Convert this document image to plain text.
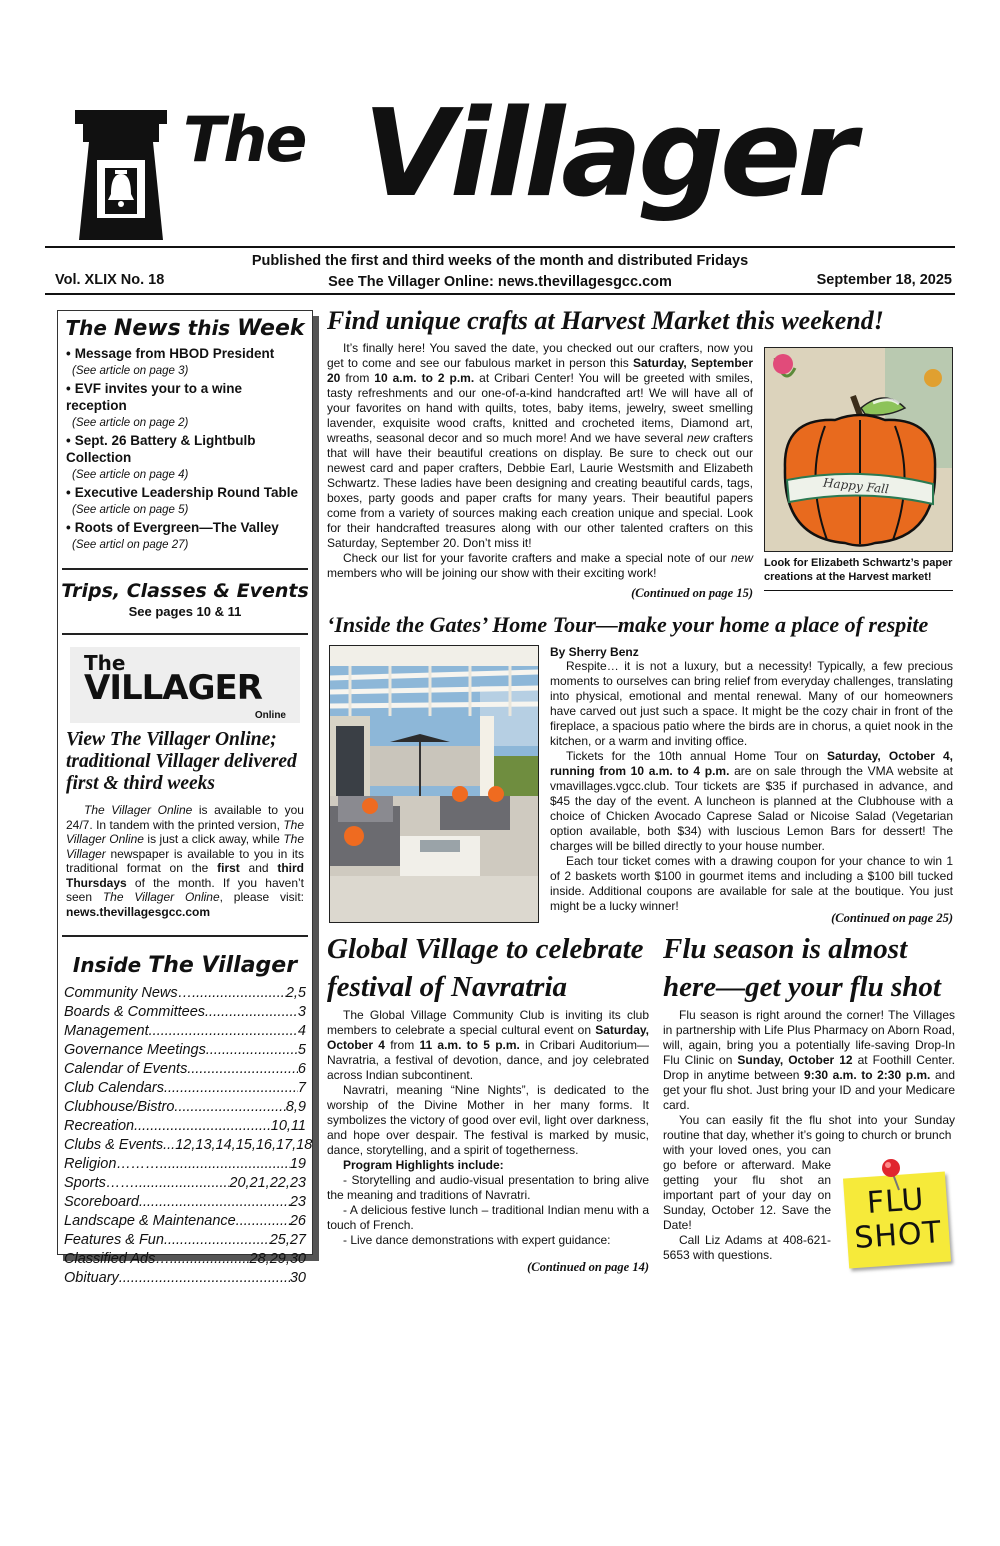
The Villager
Published the first and third weeks of the month and distributed Fridays
Vol. XLIX No. 18	See The Villager Online: news.thevillagesgcc.com	September 18, 2025
The News this Week
• Message from HBOD President
(See article on page 3)
• EVF invites your to a wine reception
(See article on page 2)
• Sept. 26 Battery & Lightbulb Collection
(See article on page 4)
• Executive Leadership Round Table
(See article on page 5)
• Roots of Evergreen—The Valley
(See articl on page 27)
Trips, Classes & Events
See pages 10 & 11
The
VILLAGER
Online
View The Villager Online; traditional Villager delivered first & third weeks
The Villager Online is available to you 24/7. In tandem with the printed version, The Villager Online is just a click away, while The Villager newspaper is available to you in its traditional format on the first and third Thursdays of the month. If you haven’t seen The Villager Online, please visit: news.thevillagesgcc.com
Inside The Villager
Community News…. .....	2,5
Boards & Committees .....	3
Management .....	4
Governance Meetings .....	5
Calendar of Events .....	6
Club Calendars .....	7
Clubhouse/Bistro .....	8,9
Recreation .....	10,11
Clubs & Events... 12,13,14,15,16,17,18
Religion……… .....	19
Sports……. .....	20,21,22,23
Scoreboard .....	23
Landscape & Maintenance .....	26
Features & Fun .....	25,27
Classified Ads… .....	28,29,30
Obituary .....	30
Find unique crafts at Harvest Market this weekend!

It’s finally here! You saved the date, you checked out our crafters, now you get to come and see our fabulous market in person this Saturday, September 20 from 10 a.m. to 2 p.m. at Cribari Center! You will be greeted with smiles, tasty refreshments and our one-of-a-kind handcrafted art! We will have all of your favorites on hand with quilts, totes, baby items, jewelry, sweet smelling lavender, exquisite wood crafts, knitted and crocheted items, Diamond art, wreaths, seasonal decor and so much more! And we have several new crafters that will have their beautiful creations on display. Be sure to check out our newest card and paper crafters, Debbie Earl, Laurie Westsmith and Elizabeth Schwartz. These ladies have been designing and creating beautiful cards, tags, boxes, party goods and paper crafts for many years. Their beautiful papers come from a variety of sources making each creation unique and special. Look for their handcrafted treasures along with our other talented crafters on this Saturday, September 20. Don’t miss it!

Check our list for your favorite crafters and make a special note of our new members who will be joining our show with their exciting work!

(Continued on page 15)
Happy Fall
Look for Elizabeth Schwartz’s paper creations at the Harvest market!
‘Inside the Gates’ Home Tour—make your home a place of respite
By Sherry Benz

Respite… it is not a luxury, but a necessity! Typically, a few precious moments to ourselves can bring relief from everyday challenges, translating into physical, emotional and mental renewal. Many of our homeowners have carved out just such a space. It might be the cozy chair in front of the fireplace, a spacious patio where the birds are in chorus, a quiet nook in the kitchen, or a warm and inviting office.

Tickets for the 10th annual Home Tour on Saturday, October 4, running from 10 a.m. to 4 p.m. are on sale through the VMA website at vmavillages.vgcc.club. Tour tickets are $35 if purchased in advance, and $45 the day of the event. A luncheon is planned at the Clubhouse with a choice of Chicken Avocado Caprese Salad or Nicoise Salad (Vegetarian option available, both $34) with luscious Lemon Bars for dessert! The charges will be billed directly to your house number.

Each tour ticket comes with a drawing coupon for your chance to win 1 of 2 baskets worth $100 in gourmet items and including a $100 bill tucked inside. Additional coupons are available for sale at the boutique. You just might be a lucky winner!

(Continued on page 25)
Global Village to celebrate festival of Navratria

The Global Village Community Club is inviting its club members to celebrate a special cultural event on Saturday, October 4 from 11 a.m. to 5 p.m. in Cribari Auditorium—Navratria, a festival of devotion, dance, and joy celebrated across Indian subcontinent.

Navratri, meaning “Nine Nights”, is dedicated to the worship of the Divine Mother in her many forms. It symbolizes the victory of good over evil, light over darkness, and hope over despair. The festival is marked by music, dance, storytelling, and a spirit of togetherness.

Program Highlights include:

- Storytelling and audio-visual presentation to bring alive the meaning and traditions of Navratri.

- A delicious festive lunch – traditional Indian menu with a touch of French.

- Live dance demonstrations with expert guidance:

(Continued on page 14)
Flu season is almost here—get your flu shot

Flu season is right around the corner! The Villages in partnership with Life Plus Pharmacy on Aborn Road, will, again, bring you a potentially life-saving Drop-In Flu Clinic on Sunday, October 12 at Foothill Center. Drop in anytime between 9:30 a.m. to 2:30 p.m. and get your flu shot. Just bring your ID and your Medicare card.

You can easily fit the flu shot into your Sunday routine that day, whether it’s going to church or brunch

with your loved ones, you can go before or afterward. Make getting your flu shot an important part of your day on Sunday, October 12. Save the Date!

Call Liz Adams at 408-621-5653 with questions.

FLU
SHOT
